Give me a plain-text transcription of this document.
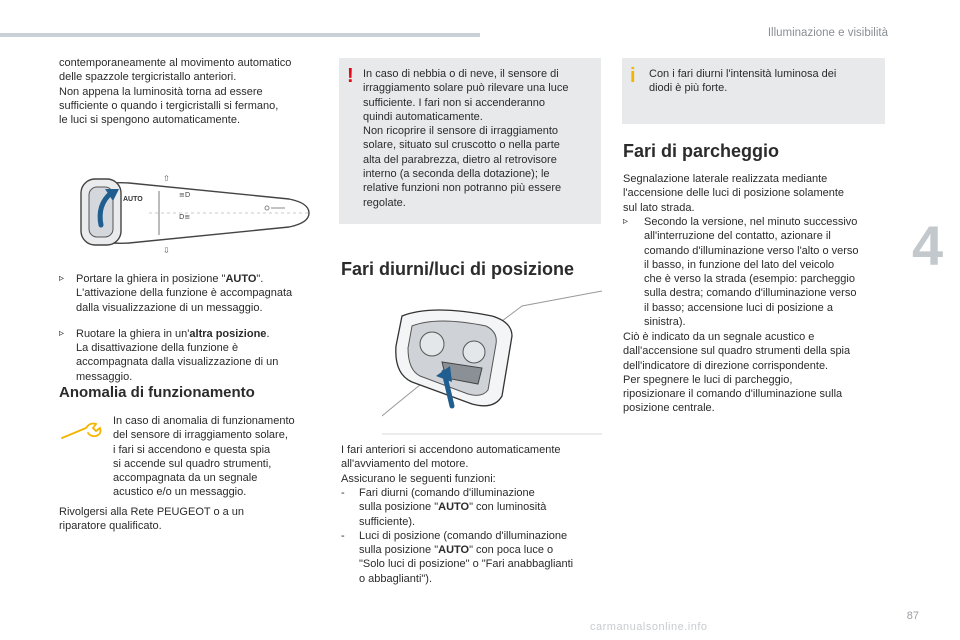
Illuminazione e visibilità
4
87
carmanualsonline.info

contemporaneamente al movimento automatico
delle spazzole tergicristallo anteriori.
Non appena la luminosità torna ad essere
sufficiente o quando i tergicristalli si fermano,
le luci si spengono automaticamente.

⇧
⇩
≡D
D≡
AUTO
▹ Portare la ghiera in posizione "AUTO".
L'attivazione della funzione è accompagnata
dalla visualizzazione di un messaggio.
▹ Ruotare la ghiera in un'altra posizione.
La disattivazione della funzione è
accompagnata dalla visualizzazione di un
messaggio.
Anomalia di funzionamento
In caso di anomalia di funzionamento
del sensore di irraggiamento solare,
i fari si accendono e questa spia
si accende sul quadro strumenti,
accompagnata da un segnale
acustico e/o un messaggio.
Rivolgersi alla Rete PEUGEOT o a un
riparatore qualificato.
! In caso di nebbia o di neve, il sensore di
irraggiamento solare può rilevare una luce
sufficiente. I fari non si accenderanno
quindi automaticamente.
Non ricoprire il sensore di irraggiamento
solare, situato sul cruscotto o nella parte
alta del parabrezza, dietro al retrovisore
interno (a seconda della dotazione); le
relative funzioni non potranno più essere
regolate.
Fari diurni/luci di posizione
I fari anteriori si accendono automaticamente
all'avviamento del motore.
Assicurano le seguenti funzioni:
- Fari diurni (comando d'illuminazione
sulla posizione "AUTO" con luminosità
sufficiente).
- Luci di posizione (comando d'illuminazione
sulla posizione "AUTO" con poca luce o
"Solo luci di posizione" o "Fari anabbaglianti
o abbaglianti").
i Con i fari diurni l'intensità luminosa dei
diodi è più forte.
Fari di parcheggio
Segnalazione laterale realizzata mediante
l'accensione delle luci di posizione solamente
sul lato strada.
▹ Secondo la versione, nel minuto successivo
all'interruzione del contatto, azionare il
comando d'illuminazione verso l'alto o verso
il basso, in funzione del lato del veicolo
che è verso la strada (esempio: parcheggio
sulla destra; comando d'illuminazione verso
il basso; accensione luci di posizione a
sinistra).
Ciò è indicato da un segnale acustico e
dall'accensione sul quadro strumenti della spia
dell'indicatore di direzione corrispondente.
Per spegnere le luci di parcheggio,
riposizionare il comando d'illuminazione sulla
posizione centrale.
